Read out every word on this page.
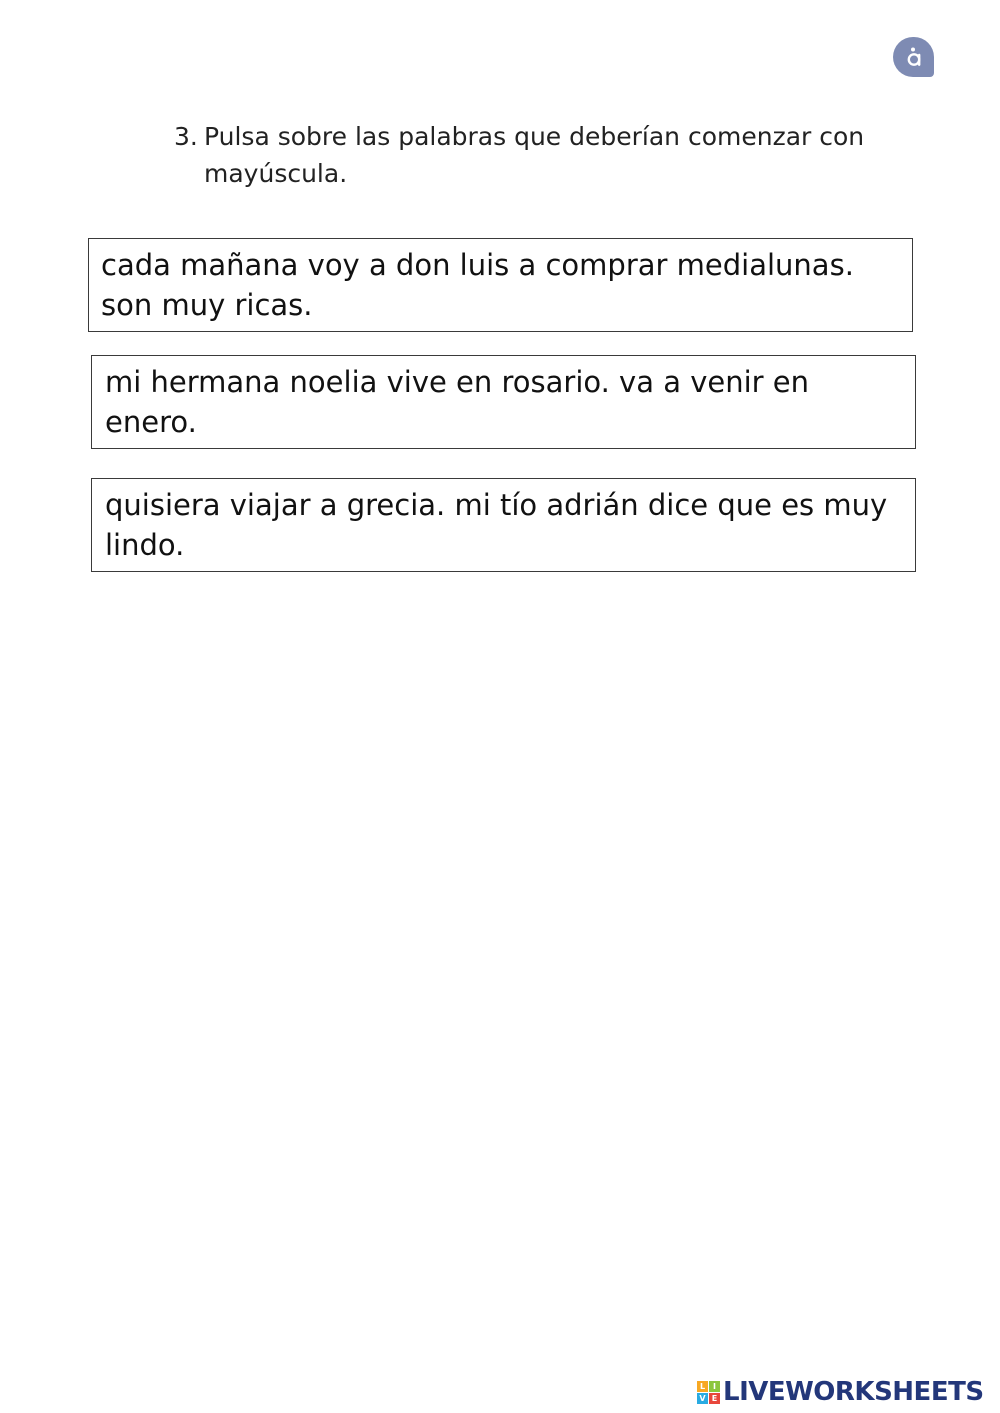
3. Pulsa sobre las palabras que deberían comenzar con mayúscula.
cada mañana voy a don luis a comprar medialunas. son muy ricas.
mi hermana noelia vive en rosario. va a venir en enero.
quisiera viajar a grecia. mi tío adrián dice que es muy lindo.
L I
V E LIVEWORKSHEETS
